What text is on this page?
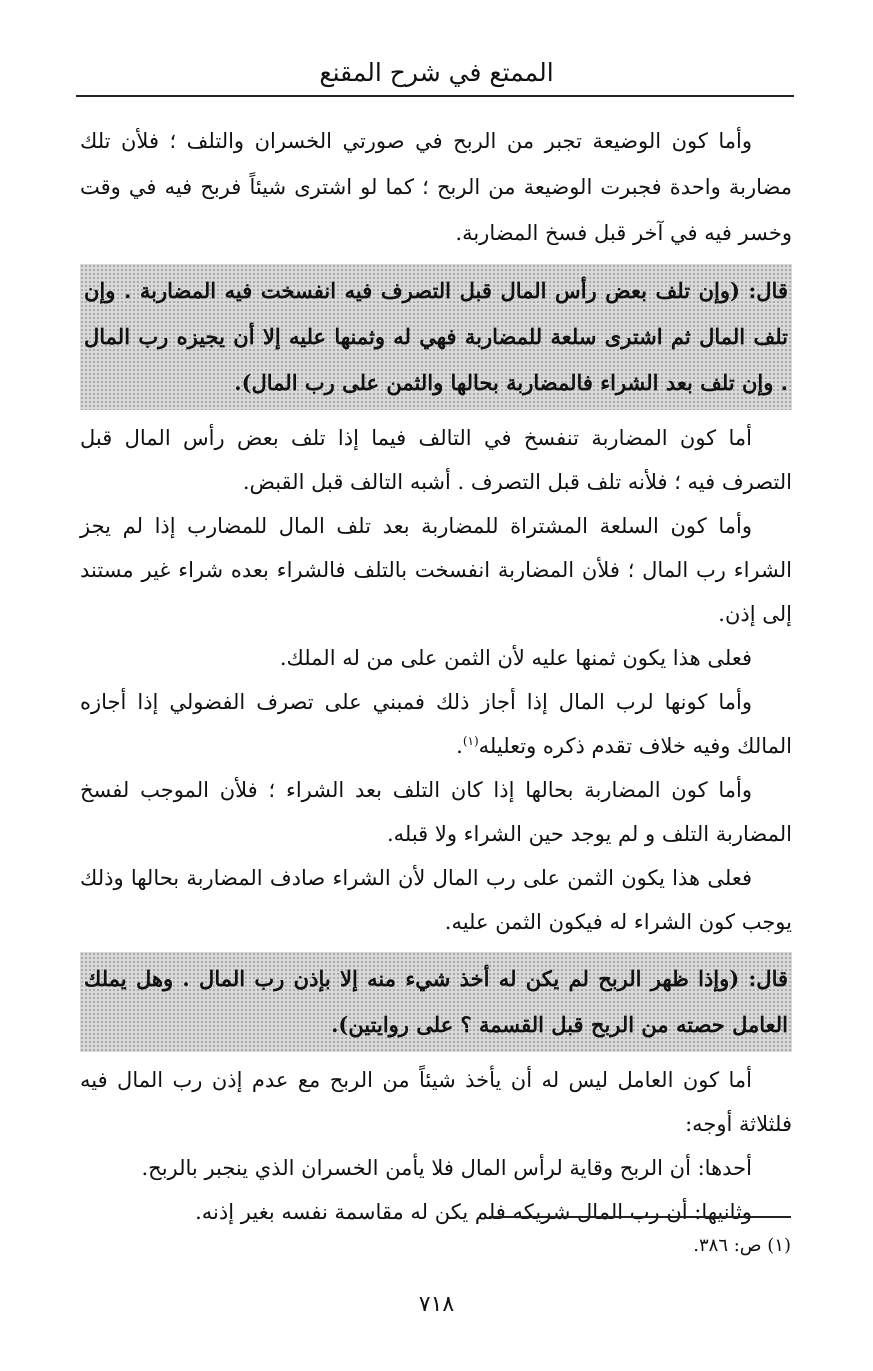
الممتع في شرح المقنع

وأما كون الوضيعة تجبر من الربح في صورتي الخسران والتلف ؛ فلأن تلك مضاربة واحدة فجبرت الوضيعة من الربح ؛ كما لو اشترى شيئاً فربح فيه في وقت وخسر فيه في آخر قبل فسخ المضاربة.

قال: (وإن تلف بعض رأس المال قبل التصرف فيه انفسخت فيه المضاربة . وإن تلف المال ثم اشترى سلعة للمضاربة فهي له وثمنها عليه إلا أن يجيزه رب المال . وإن تلف بعد الشراء فالمضاربة بحالها والثمن على رب المال).

أما كون المضاربة تنفسخ في التالف فيما إذا تلف بعض رأس المال قبل التصرف فيه ؛ فلأنه تلف قبل التصرف . أشبه التالف قبل القبض.

وأما كون السلعة المشتراة للمضاربة بعد تلف المال للمضارب إذا لم يجز الشراء رب المال ؛ فلأن المضاربة انفسخت بالتلف فالشراء بعده شراء غير مستند إلى إذن.

فعلى هذا يكون ثمنها عليه لأن الثمن على من له الملك.

وأما كونها لرب المال إذا أجاز ذلك فمبني على تصرف الفضولي إذا أجازه المالك وفيه خلاف تقدم ذكره وتعليله$^{(١)}$.

وأما كون المضاربة بحالها إذا كان التلف بعد الشراء ؛ فلأن الموجب لفسخ المضاربة التلف و لم يوجد حين الشراء ولا قبله.

فعلى هذا يكون الثمن على رب المال لأن الشراء صادف المضاربة بحالها وذلك يوجب كون الشراء له فيكون الثمن عليه.

قال: (وإذا ظهر الربح لم يكن له أخذ شيء منه إلا بإذن رب المال . وهل يملك العامل حصته من الربح قبل القسمة ؟ على روايتين).

أما كون العامل ليس له أن يأخذ شيئاً من الربح مع عدم إذن رب المال فيه فلثلاثة أوجه:

أحدها: أن الربح وقاية لرأس المال فلا يأمن الخسران الذي ينجبر بالربح.

وثانيها: أن رب المال شريكه فلم يكن له مقاسمة نفسه بغير إذنه.

(١) ص: ٣٨٦.
٧١٨
